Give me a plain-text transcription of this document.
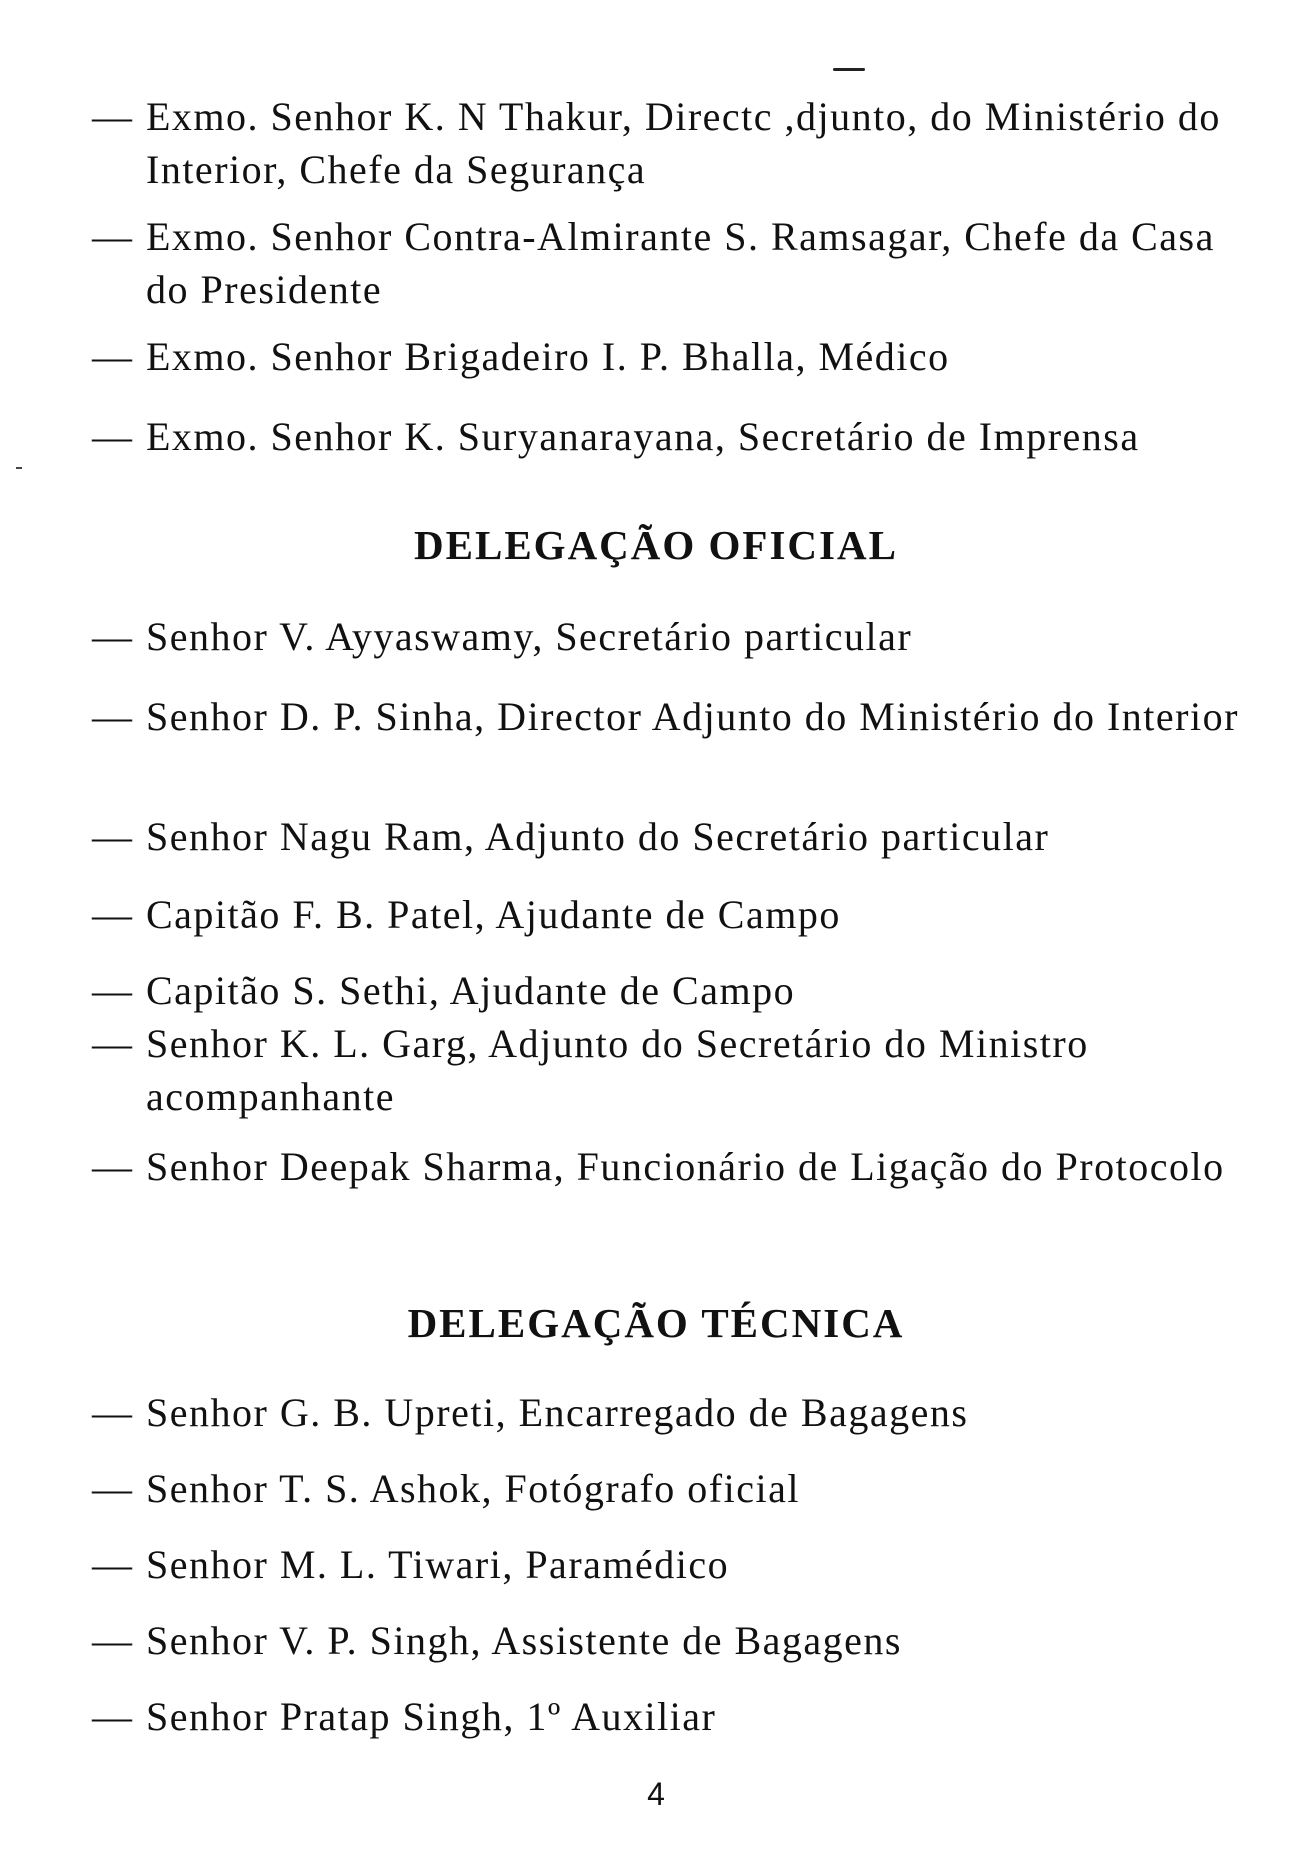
— Exmo. Senhor K. N Thakur, Directc ,djunto, do Ministério do Interior, Chefe da Segurança
— Exmo. Senhor Contra-Almirante S. Ramsagar, Chefe da Casa do Presidente
— Exmo. Senhor Brigadeiro I. P. Bhalla, Médico
— Exmo. Senhor K. Suryanarayana, Secretário de Imprensa
DELEGAÇÃO OFICIAL
— Senhor V. Ayyaswamy, Secretário particular
— Senhor D. P. Sinha, Director Adjunto do Ministério do Interior
— Senhor Nagu Ram, Adjunto do Secretário particular
— Capitão F. B. Patel, Ajudante de Campo
— Capitão S. Sethi, Ajudante de Campo
— Senhor K. L. Garg, Adjunto do Secretário do Ministro acompanhante
— Senhor Deepak Sharma, Funcionário de Ligação do Protocolo
DELEGAÇÃO TÉCNICA
— Senhor G. B. Upreti, Encarregado de Bagagens
— Senhor T. S. Ashok, Fotógrafo oficial
— Senhor M. L. Tiwari, Paramédico
— Senhor V. P. Singh, Assistente de Bagagens
— Senhor Pratap Singh, 1º Auxiliar
4
